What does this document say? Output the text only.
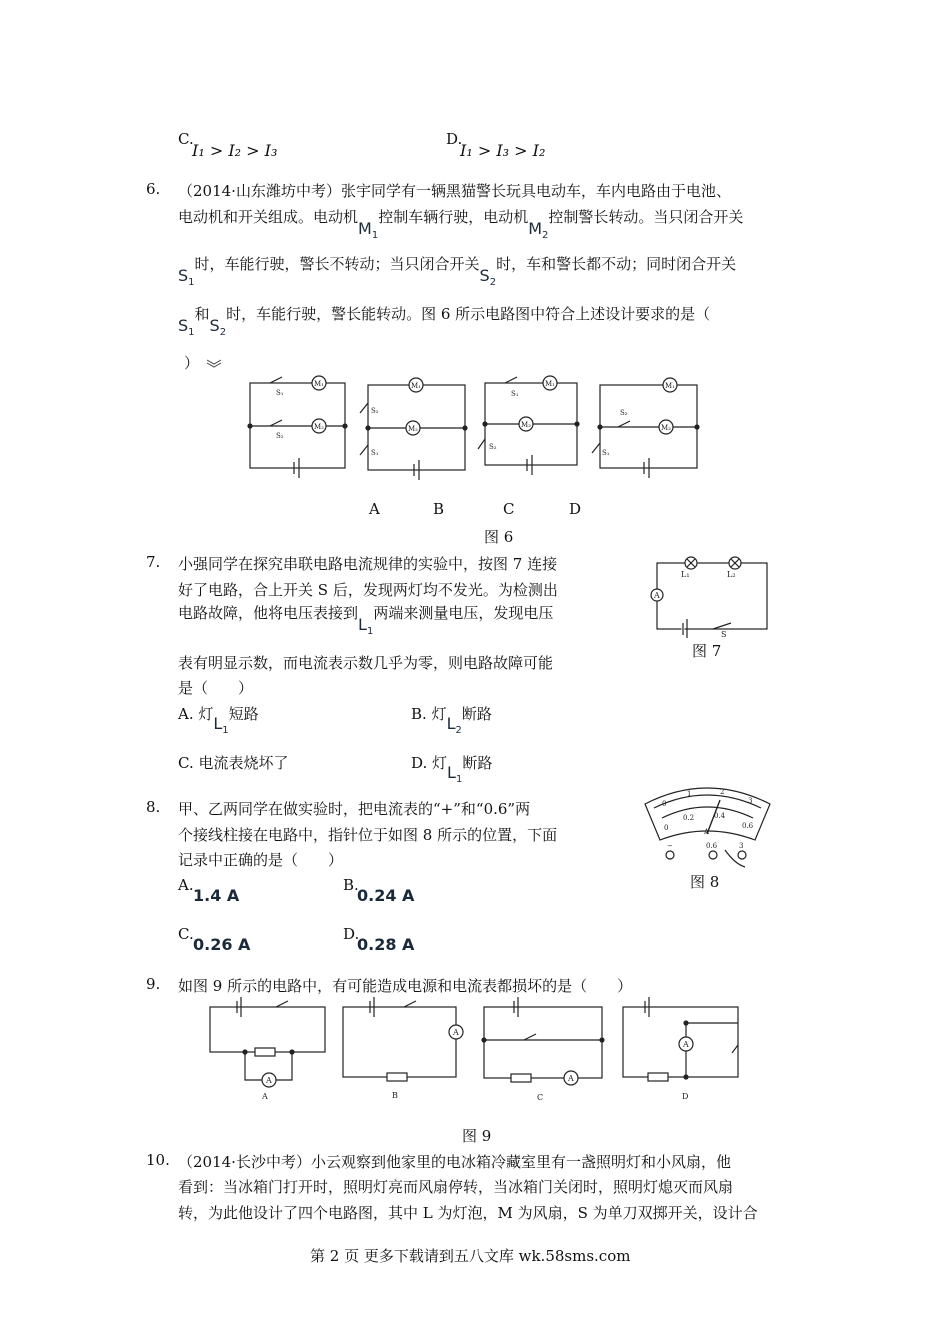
C.
I₁ > I₂ > I₃
D.
I₁ > I₃ > I₂
6. （2014·山东潍坊中考）张宇同学有一辆黑猫警长玩具电动车，车内电路由于电池、
电动机和开关组成。电动机$M_1$控制车辆行驶，电动机$M_2$控制警长转动。当只闭合开关
$S_1$时，车能行驶，警长不转动；当只闭合开关$S_2$时，车和警长都不动；同时闭合开关
$S_1$和$S_2$时，车能行驶，警长能转动。图 6 所示电路图中符合上述设计要求的是（
）
M₁
M₂
S₁
S₂
M₁
M₂
S₂
S₁
M₁
M₂
S₁
S₂
M₁
M₂
S₂
S₁
A	B	C	D
图 6
7. 小强同学在探究串联电路电流规律的实验中，按图 7 连接
好了电路，合上开关 S 后，发现两灯均不发光。为检测出
电路故障，他将电压表接到$L_1$两端来测量电压，发现电压
表有明显示数，而电流表示数几乎为零，则电路故障可能
是（　　）
A. 灯$L_1$短路	B. 灯$L_2$断路
C. 电流表烧坏了	D. 灯$L_1$断路
A
L₁	L₂
S
图 7
8. 甲、乙两同学在做实验时，把电流表的“+”和“0.6”两
个接线柱接在电路中，指针位于如图 8 所示的位置，下面
记录中正确的是（　　）
A.
1.4 A
B.
0.24 A
C.
0.26 A
D.
0.28 A
0
1	2
3
0
0.2	0.4
0.6
A
−	0.6	3
图 8
9. 如图 9 所示的电路中，有可能造成电源和电流表都损坏的是（　　）
A
A
A
A
A	B	C	D
图 9
10. （2014·长沙中考）小云观察到他家里的电冰箱冷藏室里有一盏照明灯和小风扇，他
看到：当冰箱门打开时，照明灯亮而风扇停转，当冰箱门关闭时，照明灯熄灭而风扇
转，为此他设计了四个电路图，其中 L 为灯泡，M 为风扇，S 为单刀双掷开关，设计合
第 2 页 更多下载请到五八文库 wk.58sms.com
